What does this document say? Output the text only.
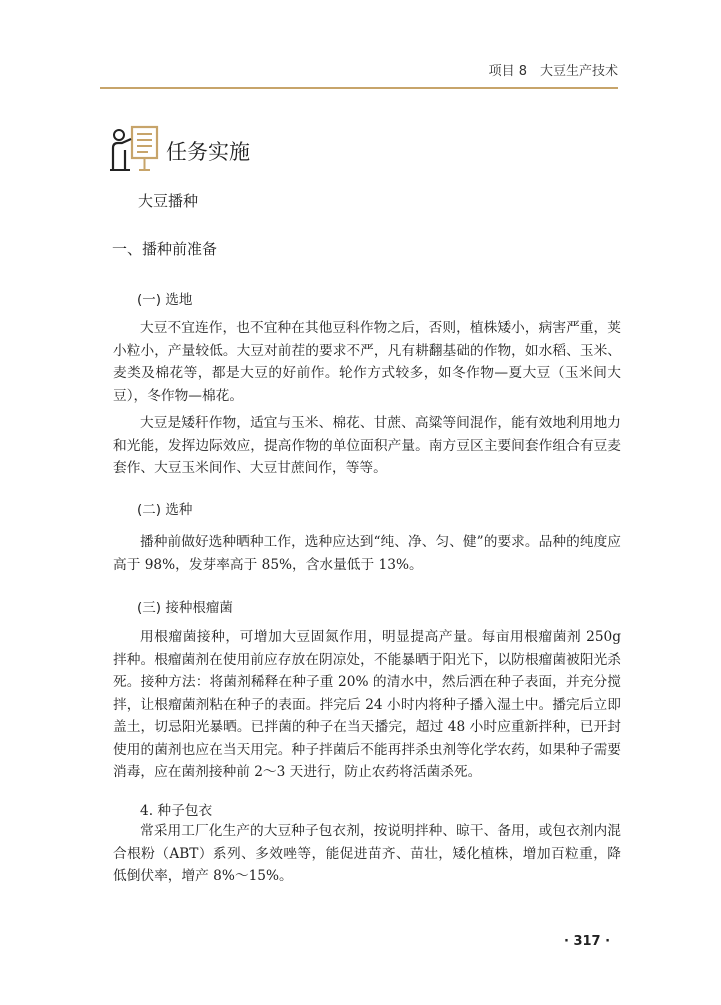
项目 8　大豆生产技术
任务实施
大豆播种
一、播种前准备
(一) 选地

大豆不宜连作，也不宜种在其他豆科作物之后，否则，植株矮小，病害严重，荚小粒小，产量较低。大豆对前茬的要求不严，凡有耕翻基础的作物，如水稻、玉米、麦类及棉花等，都是大豆的好前作。轮作方式较多，如冬作物—夏大豆（玉米间大豆），冬作物—棉花。

大豆是矮秆作物，适宜与玉米、棉花、甘蔗、高粱等间混作，能有效地利用地力和光能，发挥边际效应，提高作物的单位面积产量。南方豆区主要间套作组合有豆麦套作、大豆玉米间作、大豆甘蔗间作，等等。

(二) 选种

播种前做好选种晒种工作，选种应达到“纯、净、匀、健”的要求。品种的纯度应高于 98%，发芽率高于 85%，含水量低于 13%。

(三) 接种根瘤菌

用根瘤菌接种，可增加大豆固氮作用，明显提高产量。每亩用根瘤菌剂 250g 拌种。根瘤菌剂在使用前应存放在阴凉处，不能暴晒于阳光下，以防根瘤菌被阳光杀死。接种方法：将菌剂稀释在种子重 20% 的清水中，然后洒在种子表面，并充分搅拌，让根瘤菌剂粘在种子的表面。拌完后 24 小时内将种子播入湿土中。播完后立即盖土，切忌阳光暴晒。已拌菌的种子在当天播完，超过 48 小时应重新拌种，已开封使用的菌剂也应在当天用完。种子拌菌后不能再拌杀虫剂等化学农药，如果种子需要消毒，应在菌剂接种前 2～3 天进行，防止农药将活菌杀死。

4. 种子包衣

常采用工厂化生产的大豆种子包衣剂，按说明拌种、晾干、备用，或包衣剂内混合根粉（ABT）系列、多效唑等，能促进苗齐、苗壮，矮化植株，增加百粒重，降低倒伏率，增产 8%～15%。

· 317 ·
